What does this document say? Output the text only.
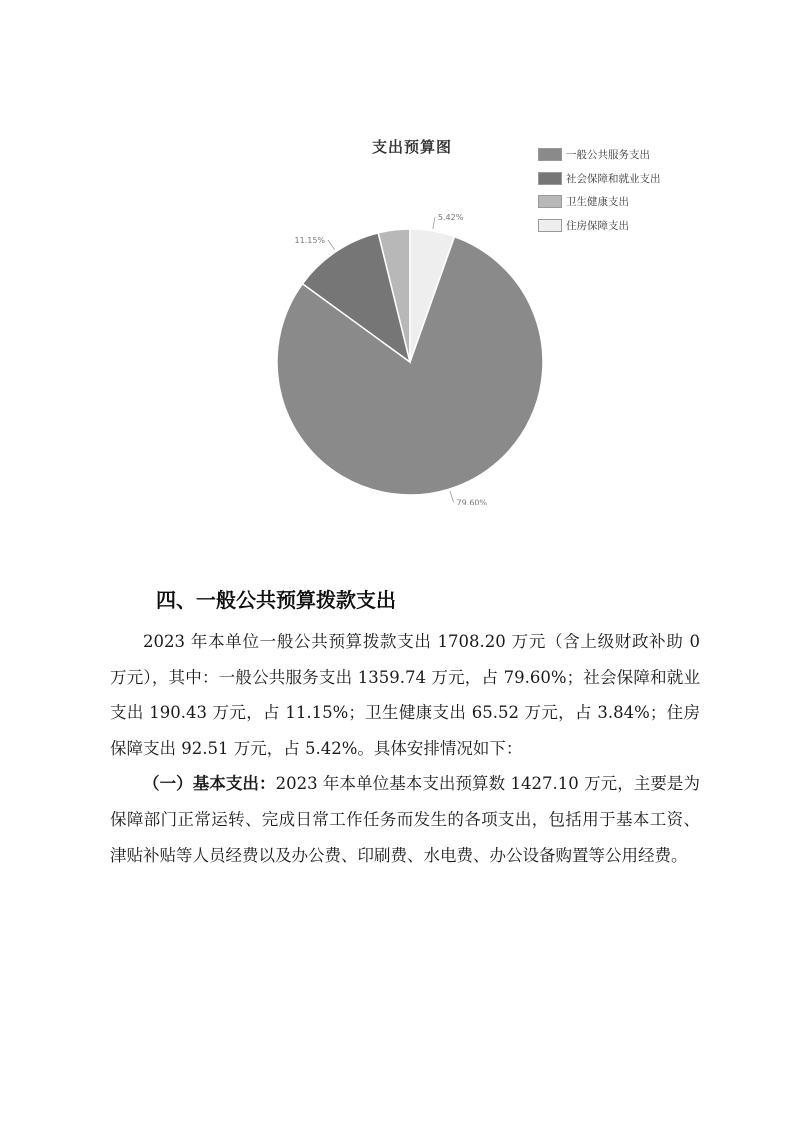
支出预算图	一般公共服务支出
社会保障和就业支出
卫生健康支出
住房保障支出
79.60%
11.15%
5.42%
四、一般公共预算拨款支出

2023 年本单位一般公共预算拨款支出 1708.20 万元（含上级财政补助 0 万元），其中：一般公共服务支出 1359.74 万元，占 79.60%；社会保障和就业支出 190.43 万元，占 11.15%；卫生健康支出 65.52 万元，占 3.84%；住房保障支出 92.51 万元，占 5.42%。具体安排情况如下：

（一）基本支出：2023 年本单位基本支出预算数 1427.10 万元，主要是为保障部门正常运转、完成日常工作任务而发生的各项支出，包括用于基本工资、津贴补贴等人员经费以及办公费、印刷费、水电费、办公设备购置等公用经费。
